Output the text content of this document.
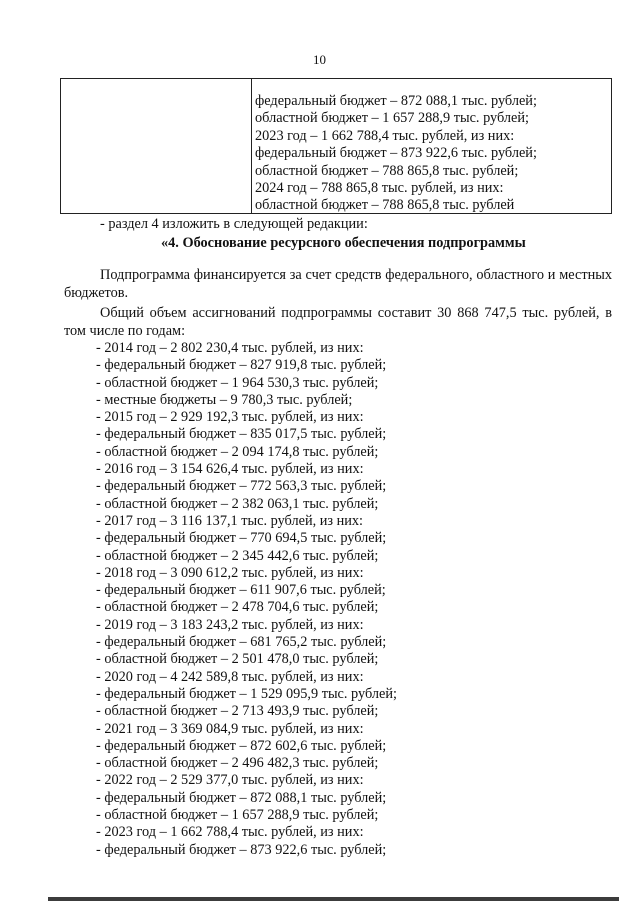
10
федеральный бюджет – 872 088,1 тыс. рублей;
областной бюджет – 1 657 288,9 тыс. рублей;
2023 год – 1 662 788,4 тыс. рублей, из них:
федеральный бюджет – 873 922,6 тыс. рублей;
областной бюджет – 788 865,8 тыс. рублей;
2024 год – 788 865,8 тыс. рублей, из них:
областной бюджет – 788 865,8 тыс. рублей
- раздел 4 изложить в следующей редакции:
«4. Обоснование ресурсного обеспечения подпрограммы
Подпрограмма финансируется за счет средств федерального, областного и местных бюджетов.
Общий объем ассигнований подпрограммы составит 30 868 747,5 тыс. рублей, в том числе по годам:
- 2014 год – 2 802 230,4 тыс. рублей, из них:
- федеральный бюджет – 827 919,8 тыс. рублей;
- областной бюджет – 1 964 530,3 тыс. рублей;
- местные бюджеты – 9 780,3 тыс. рублей;
- 2015 год – 2 929 192,3 тыс. рублей, из них:
- федеральный бюджет – 835 017,5 тыс. рублей;
- областной бюджет – 2 094 174,8 тыс. рублей;
- 2016 год – 3 154 626,4 тыс. рублей, из них:
- федеральный бюджет – 772 563,3 тыс. рублей;
- областной бюджет – 2 382 063,1 тыс. рублей;
- 2017 год – 3 116 137,1 тыс. рублей, из них:
- федеральный бюджет – 770 694,5 тыс. рублей;
- областной бюджет – 2 345 442,6 тыс. рублей;
- 2018 год – 3 090 612,2 тыс. рублей, из них:
- федеральный бюджет – 611 907,6 тыс. рублей;
- областной бюджет – 2 478 704,6 тыс. рублей;
- 2019 год – 3 183 243,2 тыс. рублей, из них:
- федеральный бюджет – 681 765,2 тыс. рублей;
- областной бюджет – 2 501 478,0 тыс. рублей;
- 2020 год – 4 242 589,8 тыс. рублей, из них:
- федеральный бюджет – 1 529 095,9 тыс. рублей;
- областной бюджет – 2 713 493,9 тыс. рублей;
- 2021 год – 3 369 084,9 тыс. рублей, из них:
- федеральный бюджет – 872 602,6 тыс. рублей;
- областной бюджет – 2 496 482,3 тыс. рублей;
- 2022 год – 2 529 377,0 тыс. рублей, из них:
- федеральный бюджет – 872 088,1 тыс. рублей;
- областной бюджет – 1 657 288,9 тыс. рублей;
- 2023 год – 1 662 788,4 тыс. рублей, из них:
- федеральный бюджет – 873 922,6 тыс. рублей;
